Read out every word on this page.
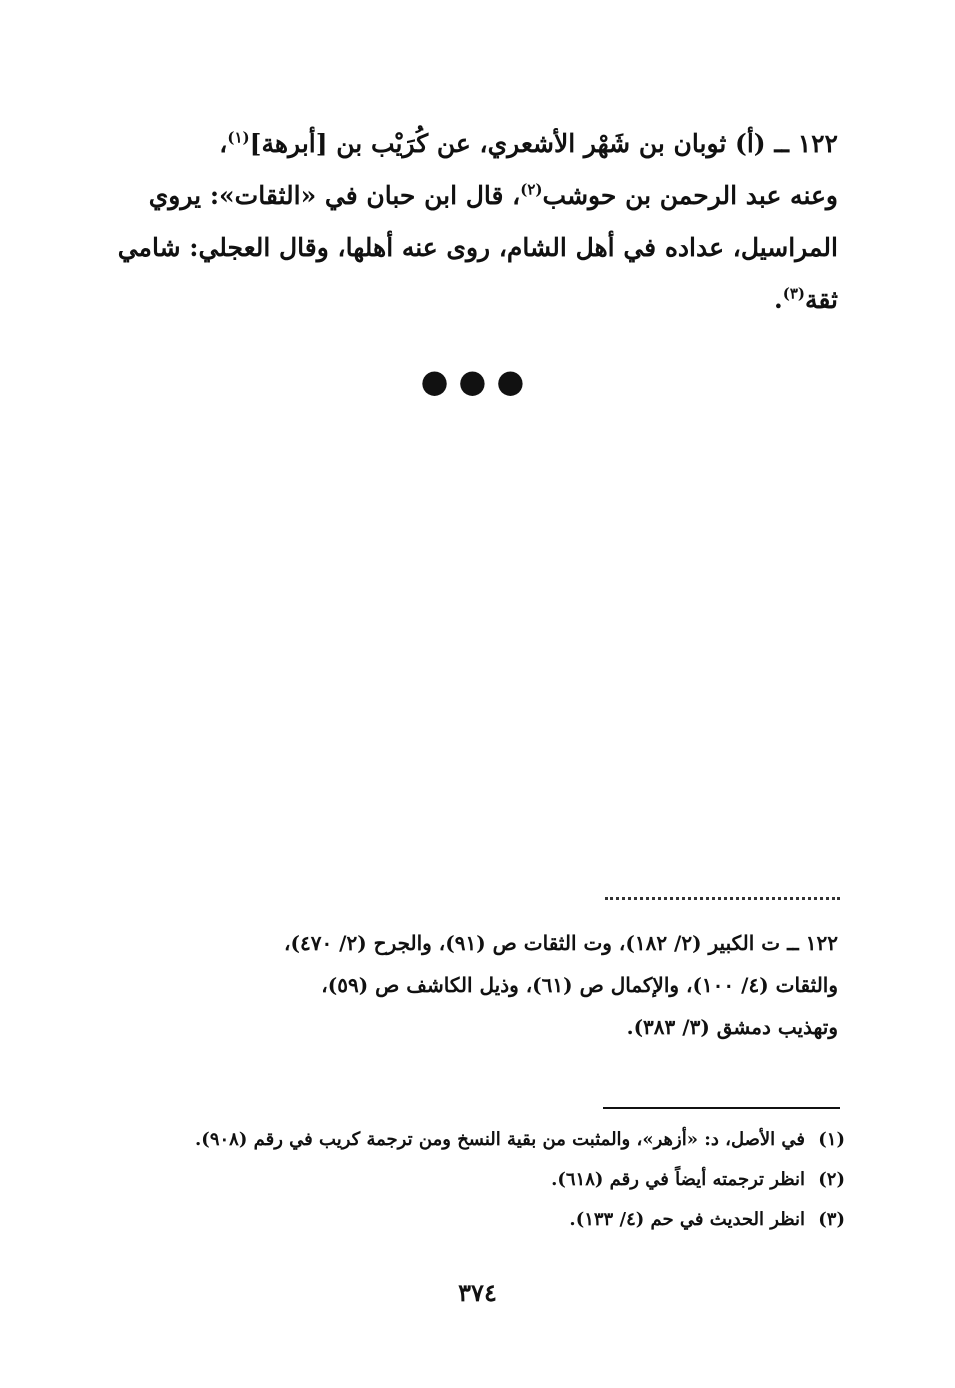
١٢٢ ــ (أ) ثوبان بن شَهْر الأشعري، عن كُرَيْب بن [أبرهة]$^{(١)}$،
وعنه عبد الرحمن بن حوشب$^{(٢)}$، قال ابن حبان في «الثقات»: يروي
المراسيل، عداده في أهل الشام، روى عنه أهلها، وقال العجلي: شامي
ثقة$^{(٣)}$.
●●●
١٢٢ ــ ت الكبير (٢/ ١٨٢)، وت الثقات ص (٩١)، والجرح (٢/ ٤٧٠)،
والثقات (٤/ ١٠٠)، والإكمال ص (٦١)، وذيل الكاشف ص (٥٩)،
وتهذيب دمشق (٣/ ٣٨٣).
(١)في الأصل، د: «أزهر»، والمثبت من بقية النسخ ومن ترجمة كريب في رقم (٩٠٨).
(٢)انظر ترجمته أيضاً في رقم (٦١٨).
(٣)انظر الحديث في حم (٤/ ١٣٣).
٣٧٤
